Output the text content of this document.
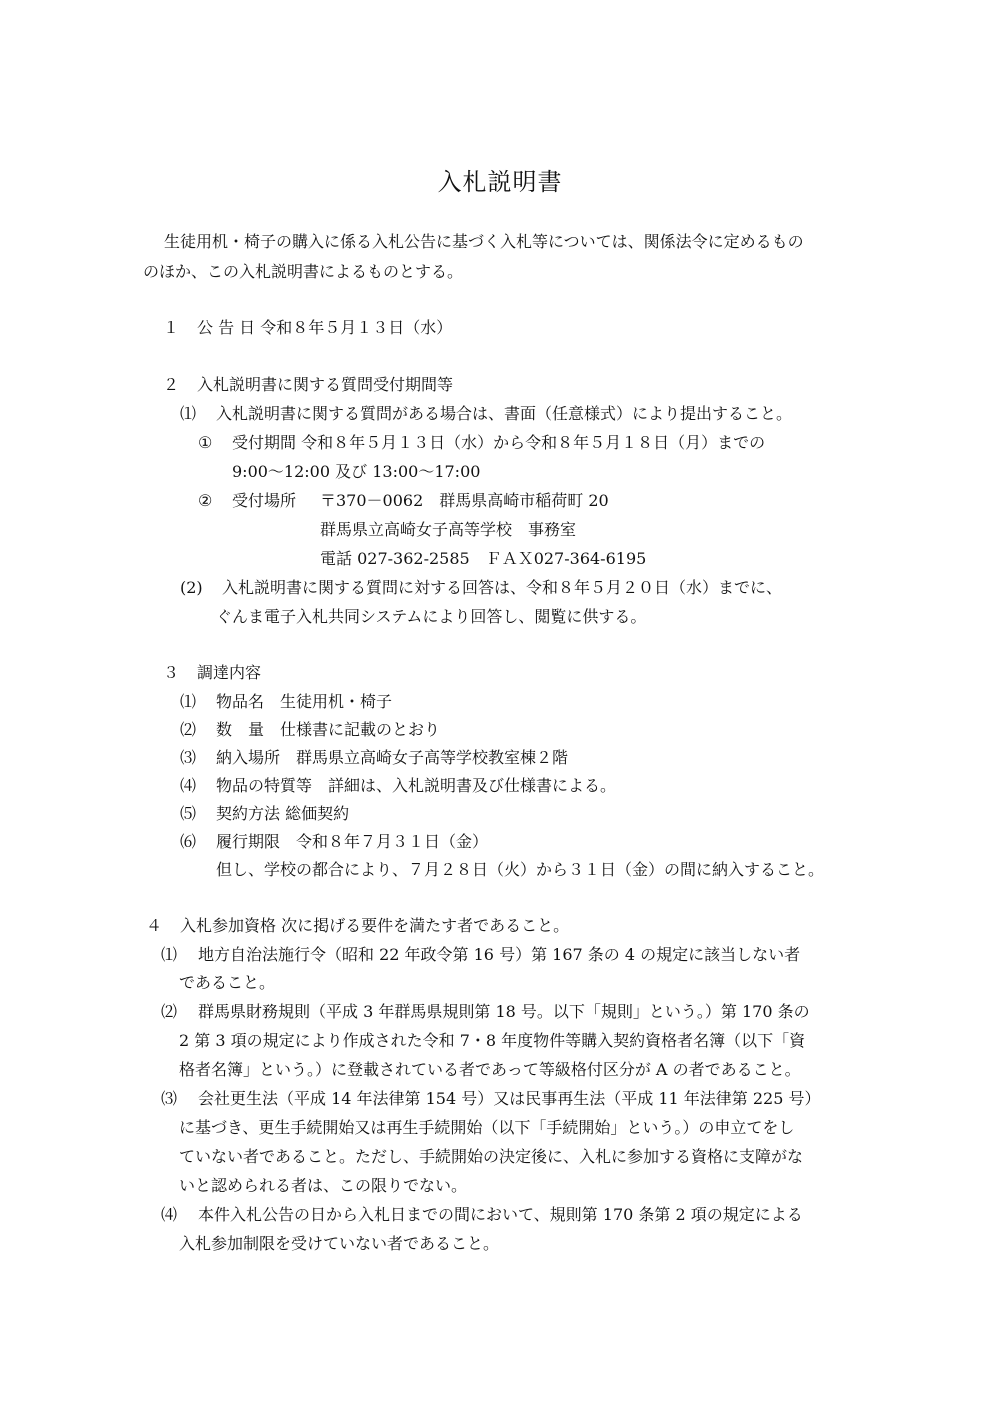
入札説明書
生徒用机・椅子の購入に係る入札公告に基づく入札等については、関係法令に定めるもの
のほか、この入札説明書によるものとする。
１ 公 告 日 令和８年５月１３日（水）
２ 入札説明書に関する質問受付期間等
⑴ 入札説明書に関する質問がある場合は、書面（任意様式）により提出すること。
① 受付期間 令和８年５月１３日（水）から令和８年５月１８日（月）までの
9:00～12:00 及び 13:00～17:00
② 受付場所 〒370－0062　群馬県高崎市稲荷町 20
群馬県立高崎女子高等学校　事務室
電話 027-362-2585　ＦＡＸ027-364-6195
(2) 入札説明書に関する質問に対する回答は、令和８年５月２０日（水）までに、
ぐんま電子入札共同システムにより回答し、閲覧に供する。
３ 調達内容
⑴ 物品名　生徒用机・椅子
⑵ 数　量　仕様書に記載のとおり
⑶ 納入場所　群馬県立高崎女子高等学校教室棟２階
⑷ 物品の特質等　詳細は、入札説明書及び仕様書による。
⑸ 契約方法 総価契約
⑹ 履行期限　令和８年７月３１日（金）
但し、学校の都合により、７月２８日（火）から３１日（金）の間に納入すること。
４ 入札参加資格 次に掲げる要件を満たす者であること。
⑴ 地方自治法施行令（昭和 22 年政令第 16 号）第 167 条の 4 の規定に該当しない者
であること。
⑵ 群馬県財務規則（平成 3 年群馬県規則第 18 号。以下「規則」という。）第 170 条の
2 第 3 項の規定により作成された令和 7・8 年度物件等購入契約資格者名簿（以下「資
格者名簿」という。）に登載されている者であって等級格付区分が A の者であること。
⑶ 会社更生法（平成 14 年法律第 154 号）又は民事再生法（平成 11 年法律第 225 号）
に基づき、更生手続開始又は再生手続開始（以下「手続開始」という。）の申立てをし
ていない者であること。ただし、手続開始の決定後に、入札に参加する資格に支障がな
いと認められる者は、この限りでない。
⑷ 本件入札公告の日から入札日までの間において、規則第 170 条第 2 項の規定による
入札参加制限を受けていない者であること。
